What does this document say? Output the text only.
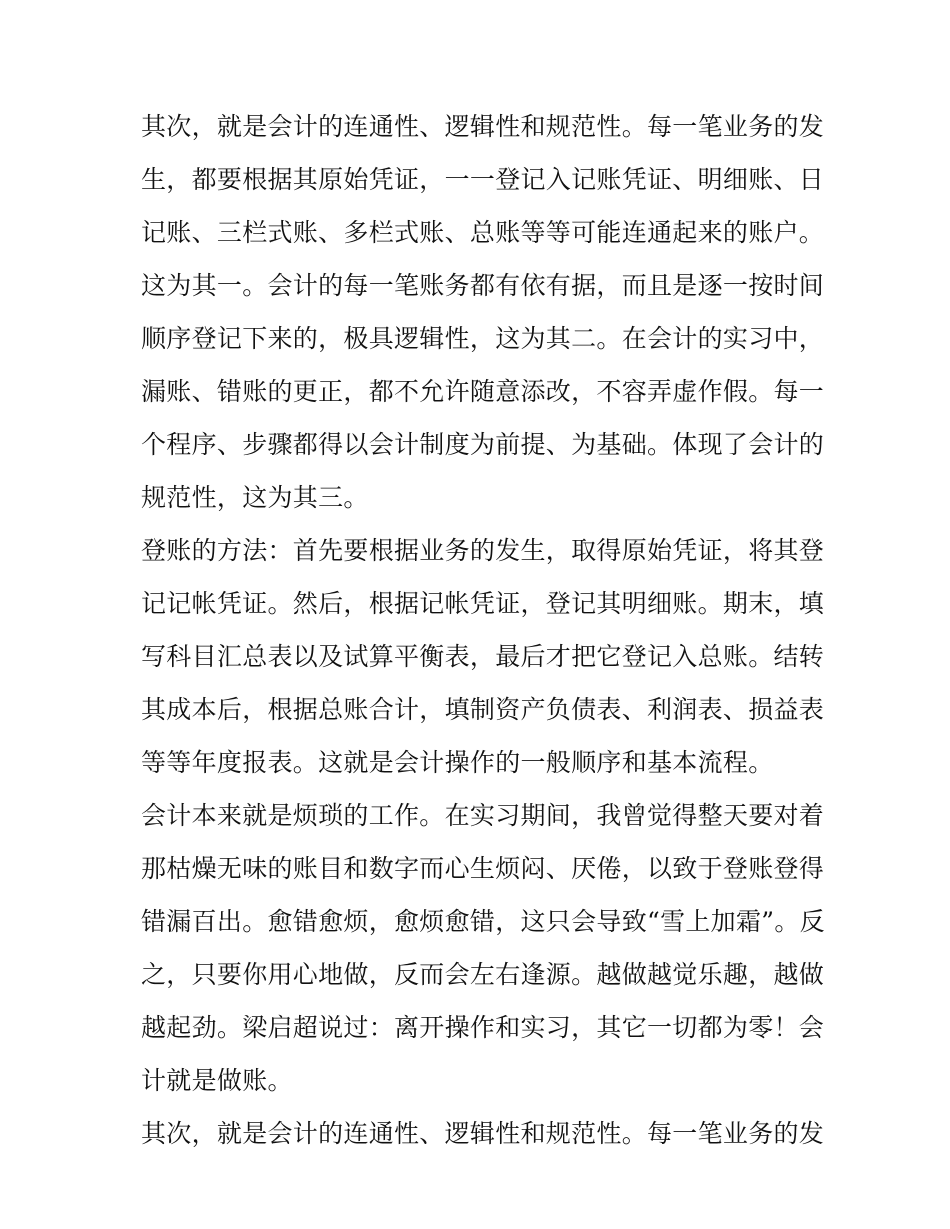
其次，就是会计的连通性、逻辑性和规范性。每一笔业务的发
生，都要根据其原始凭证，一一登记入记账凭证、明细账、日
记账、三栏式账、多栏式账、总账等等可能连通起来的账户。
这为其一。会计的每一笔账务都有依有据，而且是逐一按时间
顺序登记下来的，极具逻辑性，这为其二。在会计的实习中，
漏账、错账的更正，都不允许随意添改，不容弄虚作假。每一
个程序、步骤都得以会计制度为前提、为基础。体现了会计的
规范性，这为其三。
登账的方法：首先要根据业务的发生，取得原始凭证，将其登
记记帐凭证。然后，根据记帐凭证，登记其明细账。期末，填
写科目汇总表以及试算平衡表，最后才把它登记入总账。结转
其成本后，根据总账合计，填制资产负债表、利润表、损益表
等等年度报表。这就是会计操作的一般顺序和基本流程。
会计本来就是烦琐的工作。在实习期间，我曾觉得整天要对着
那枯燥无味的账目和数字而心生烦闷、厌倦，以致于登账登得
错漏百出。愈错愈烦，愈烦愈错，这只会导致“雪上加霜”。反
之，只要你用心地做，反而会左右逢源。越做越觉乐趣，越做
越起劲。梁启超说过：离开操作和实习，其它一切都为零！会
计就是做账。
其次，就是会计的连通性、逻辑性和规范性。每一笔业务的发
